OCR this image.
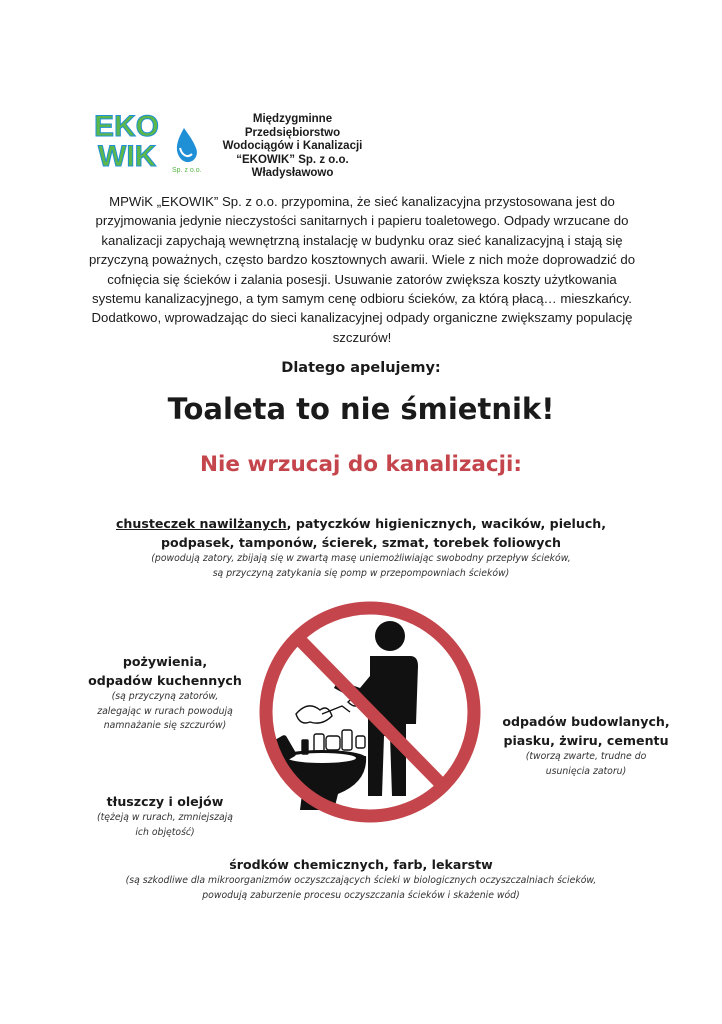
EKO
WIK Sp. z o.o.
Międzygminne Przedsiębiorstwo
Wodociągów i Kanalizacji
“EKOWIK” Sp. z o.o.
Władysławowo
MPWiK „EKOWIK” Sp. z o.o. przypomina, że sieć kanalizacyjna przystosowana jest do przyjmowania jedynie nieczystości sanitarnych i papieru toaletowego. Odpady wrzucane do kanalizacji zapychają wewnętrzną instalację w budynku oraz sieć kanalizacyjną i stają się przyczyną poważnych, często bardzo kosztownych awarii. Wiele z nich może doprowadzić do cofnięcia się ścieków i zalania posesji. Usuwanie zatorów zwiększa koszty użytkowania systemu kanalizacyjnego, a tym samym cenę odbioru ścieków, za którą płacą… mieszkańcy. Dodatkowo, wprowadzając do sieci kanalizacyjnej odpady organiczne zwiększamy populację szczurów!
Dlatego apelujemy:
Toaleta to nie śmietnik!
Nie wrzucaj do kanalizacji:
chusteczek nawilżanych, patyczków higienicznych, wacików, pieluch,
podpasek, tamponów, ścierek, szmat, torebek foliowych
(powodują zatory, zbijają się w zwartą masę uniemożliwiając swobodny przepływ ścieków,
są przyczyną zatykania się pomp w przepompowniach ścieków)
pożywienia,
odpadów kuchennych
(są przyczyną zatorów,
zalegając w rurach powodują
namnażanie się szczurów)
tłuszczy i olejów
(tężeją w rurach, zmniejszają
ich objętość)
odpadów budowlanych,
piasku, żwiru, cementu
(tworzą zwarte, trudne do
usunięcia zatoru)
środków chemicznych, farb, lekarstw
(są szkodliwe dla mikroorganizmów oczyszczających ścieki w biologicznych oczyszczalniach ścieków,
powodują zaburzenie procesu oczyszczania ścieków i skażenie wód)
